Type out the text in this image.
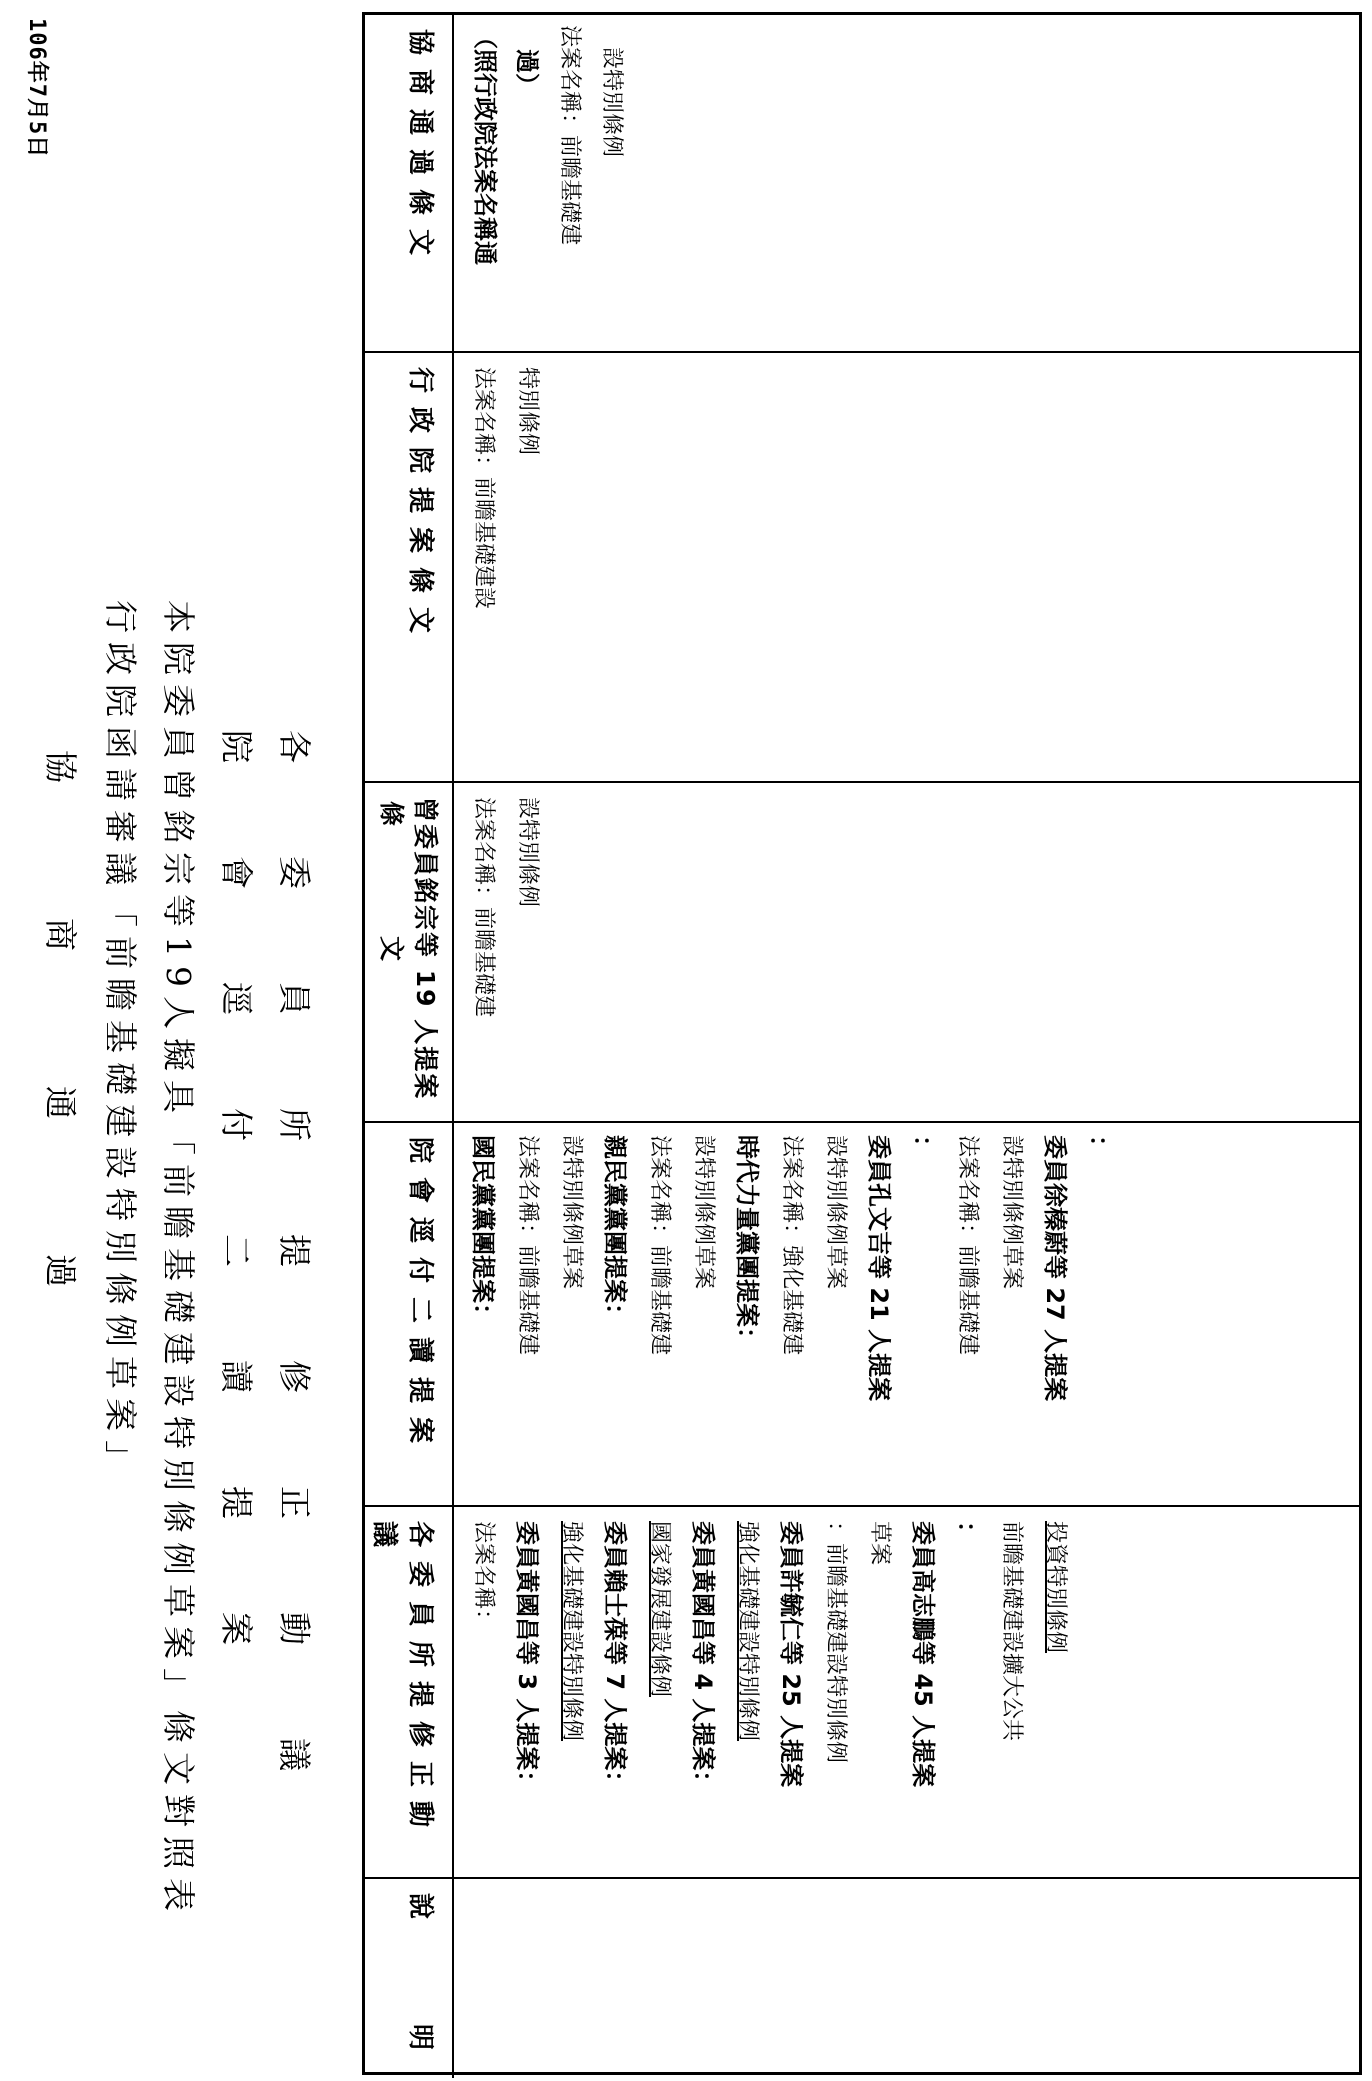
106年7月5日
協　　　商　　　通　　　過 行政院函請審議「前瞻基礎建設特別條例草案」 本院委員曾銘宗等19人擬具「前瞻基礎建設特別條例草案」條文對照表 院　　會　　逕　　付　　二　　讀　　提　　案 各　　委　　員　　所　　提　　修　　正　　動　　議
（照行政院法案名稱通 　過） 法案名稱：前瞻基礎建 　設特別條例
協商通過條文
法案名稱：前瞻基礎建設 特別條例
行政院提案條文
法案名稱：前瞻基礎建 設特別條例
曾委員銘宗等 19 人提案
條　　　　文
國民黨黨團提案： 法案名稱：前瞻基礎建 設特別條例草案 親民黨黨團提案： 法案名稱：前瞻基礎建 設特別條例草案 時代力量黨團提案： 法案名稱：強化基礎建 設特別條例草案 委員孔文吉等 21 人提案 ： 法案名稱：前瞻基礎建 設特別條例草案 委員徐榛蔚等 27 人提案 ：
院會逕付二讀提案
法案名稱： 委員黃國昌等 3 人提案： 強化基礎建設特別條例 委員賴士葆等 7 人提案： 國家發展建設條例 委員黃國昌等 4 人提案： 強化基礎建設特別條例 委員許毓仁等 25 人提案 ：前瞻基礎建設特別條例 草案 委員高志鵬等 45 人提案 ： 前瞻基礎建設擴大公共 投資特別條例
各委員所提修正動議
說
明
